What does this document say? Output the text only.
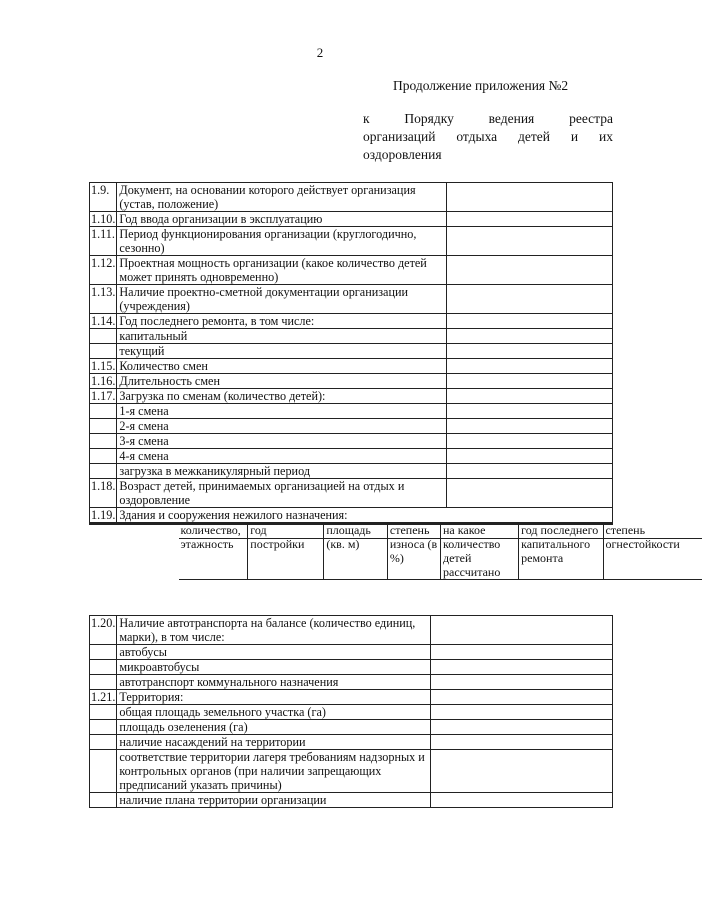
2
Продолжение приложения №2
к	Порядку	ведения	реестра
организаций отдыха детей и их
оздоровления
1.9.	Документ, на основании которого действует организация (устав, положение)	
1.10.	Год ввода организации в эксплуатацию	
1.11.	Период функционирования организации (круглогодично, сезонно)	
1.12.	Проектная мощность организации (какое количество детей может принять одновременно)	
1.13.	Наличие проектно-сметной документации организации (учреждения)	
1.14.	Год последнего ремонта, в том числе:	
	капитальный	
	текущий	
1.15.	Количество смен	
1.16.	Длительность смен	
1.17.	Загрузка по сменам (количество детей):	
	1-я смена	
	2-я смена	
	3-я смена	
	4-я смена	
	загрузка в межканикулярный период	
1.18.	Возраст детей, принимаемых организацией на отдых и оздоровление	
1.19.	Здания и сооружения нежилого назначения:

количество, этажность	год постройки	площадь (кв. м)	степень износа (в %)	на какое количество детей рассчитано	год последнего капитального ремонта	степень огнестойкости

1.20.	Наличие автотранспорта на балансе (количество единиц,
марки), в том числе:	
	автобусы	
	микроавтобусы	
	автотранспорт коммунального назначения	
1.21.	Территория:	
	общая площадь земельного участка (га)	
	площадь озеленения (га)	
	наличие насаждений на территории	
	соответствие территории лагеря требованиям надзорных и
контрольных органов (при наличии запрещающих предписаний указать причины)	
	наличие плана территории организации	
